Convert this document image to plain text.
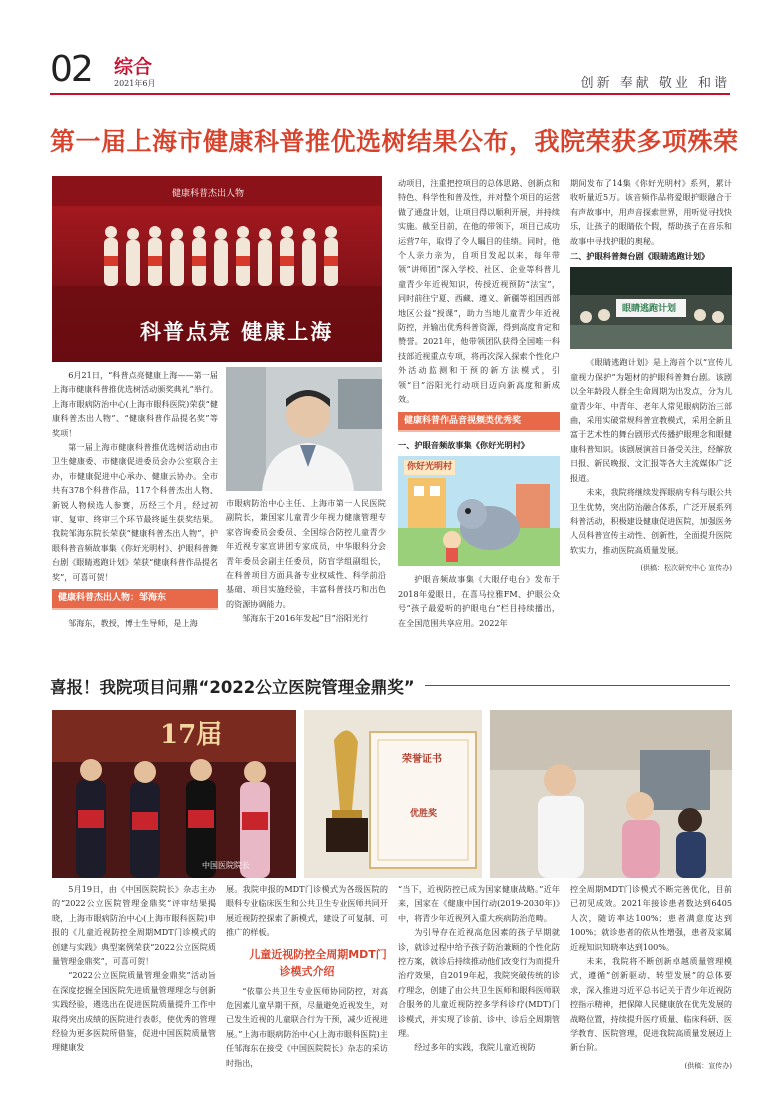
02 综合
2021年6月	创新 奉献 敬业 和谐
第一届上海市健康科普推优选树结果公布，我院荣获多项殊荣
健康科普杰出人物
科普点亮 健康上海

6月21日，“科普点亮健康上海——第一届上海市健康科普推优选树活动颁奖典礼”举行。上海市眼病防治中心(上海市眼科医院)荣获“健康科普杰出人物”、“健康科普作品提名奖”等奖项！

第一届上海市健康科普推优选树活动由市卫生健康委、市健康促进委员会办公室联合主办，市健康促进中心承办、健康云协办。全市共有378个科普作品，117个科普杰出人物、新锐人物候选人参赛，历经三个月，经过初审、复审、终审三个环节最终诞生获奖结果。我院邹海东院长荣获“健康科普杰出人物”，护眼科普音频故事集《你好光明村》、护眼科普舞台剧《眼睛逃跑计划》荣获“健康科普作品提名奖”，可喜可贺！

健康科普杰出人物：邹海东

邹海东，教授，博士生导师，是上海

市眼病防治中心主任、上海市第一人民医院副院长，兼国家儿童青少年视力健康管理专家咨询委员会委员、全国综合防控儿童青少年近视专家宣讲团专家成员，中华眼科分会青年委员会副主任委员，防盲学组副组长，在科普项目方面具备专业权威性、科学前沿基础、项目实施经验，丰富科普技巧和出色的资源协调能力。

邹海东于2016年发起“目”浴阳光行

动项目，注重把控项目的总体思路、创新点和特色、科学性和普及性，并对整个项目的运营做了通盘计划，让项目得以顺利开展，并持续实施。截至目前，在他的带领下，项目已成功运营7年，取得了令人瞩目的佳绩。同时，他个人亲力亲为，自项目发起以来，每年带领“讲师团”深入学校、社区、企业等科普儿童青少年近视知识，传授近视预防“法宝”，同时前往宁夏、西藏、遵义、新疆等祖国西部地区公益“授课”，助力当地儿童青少年近视防控，并输出优秀科普资源，得到高度肯定和赞誉。2021年，他带领团队获得全国唯一科技部近视重点专项，将再次深入探索个性化户外活动监测和干预的新方法模式，引领“目”浴阳光行动项目迈向新高度和新成效。

健康科普作品音视频类优秀奖

一、护眼音频故事集《你好光明村》

你好光明村

护眼音频故事集《大眼仔电台》发布于2018年爱眼日，在喜马拉雅FM、护眼公众号“孩子最爱听的护眼电台”栏目持续播出，在全国范围共享应用。2022年

期间发布了14集《你好光明村》系列，累计收听量近5万。该音频作品将爱眼护眼融合于有声故事中，用声音探索世界，用听觉寻找快乐，让孩子的眼睛依个假，帮助孩子在音乐和故事中寻找护眼的奥秘。

二、护眼科普舞台剧《眼睛逃跑计划》

眼睛逃跑计划

《眼睛逃跑计划》是上海首个以“宣传儿童视力保护”为题材的护眼科普舞台剧。该剧以全年龄段人群全生命周期为出发点，分为儿童青少年、中青年、老年人常见眼病防治三部曲，采用实破常规科普宣教模式，采用全新且富于艺术性的舞台剧形式传播护眼理念和眼健康科普知识。该剧展演首日备受关注，经解放日报、新民晚报、文汇报等各大主流媒体广泛报道。

未来，我院将继续发挥眼病专科与眼公共卫生优势，突出防治融合体系，广泛开展系列科普活动，积极建设健康促进医院，加强医务人员科普宣传主动性、创新性，全面提升医院软实力，推动医院高质量发展。

(供稿：松次研究中心 宣传办)

喜报！我院项目问鼎“2022公立医院管理金鼎奖”
17届
中国医院院长
荣誉证书
优胜奖

5月19日，由《中国医院院长》杂志主办的“2022公立医院管理金鼎奖”评审结果揭晓，上海市眼病防治中心(上海市眼科医院)申报的《儿童近视防控全周期MDT门诊模式的创建与实践》典型案例荣获“2022公立医院质量管理金鼎奖”，可喜可贺！

“2022公立医院质量管理金鼎奖”活动旨在深度挖掘全国医院先进质量管理理念与创新实践经验，遴选出在促进医院质量提升工作中取得突出成绩的医院进行表彰，使优秀的管理经验为更多医院所借鉴，促进中国医院质量管理健康发

展。我院申报的MDT门诊模式为各级医院的眼科专业临床医生和公共卫生专业医师共同开展近视防控探索了新模式，建设了可复制、可推广的样板。

儿童近视防控全周期MDT门诊模式介绍

“依靠公共卫生专业医师协同防控，对高危因素儿童早期干预，尽量避免近视发生，对已发生近视的儿童联合行为干预，减少近视进展。”上海市眼病防治中心(上海市眼科医院)主任邹海东在接受《中国医院院长》杂志的采访时指出，

“当下，近视防控已成为国家健康战略。”近年来，国家在《健康中国行动(2019-2030年)》中，将青少年近视列入重大疾病防治范畴。

为引导存在近视高危因素的孩子早期就诊，就诊过程中给予孩子防治兼顾的个性化防控方案，就诊后持续推动他们改变行为而提升治疗效果，自2019年起，我院突破传统的诊疗理念，创建了由公共卫生医师和眼科医师联合服务的儿童近视防控多学科诊疗(MDT)门诊模式，并实现了诊前、诊中、诊后全周期管理。

经过多年的实践，我院儿童近视防

控全周期MDT门诊模式不断完善优化，目前已初见成效。2021年接诊患者数达到6405人次，随访率达100%；患者满意度达到100%；就诊患者的依从性增强，患者及家属近视知识知晓率达到100%。

未来，我院将不断创新卓越质量管理模式，遵循“创新驱动、转型发展”的总体要求，深入推进习近平总书记关于青少年近视防控指示精神，把保障人民健康放在优先发展的战略位置，持续提升医疗质量、临床科研、医学教育、医院管理，促进我院高质量发展迈上新台阶。

(供稿：宣传办)
